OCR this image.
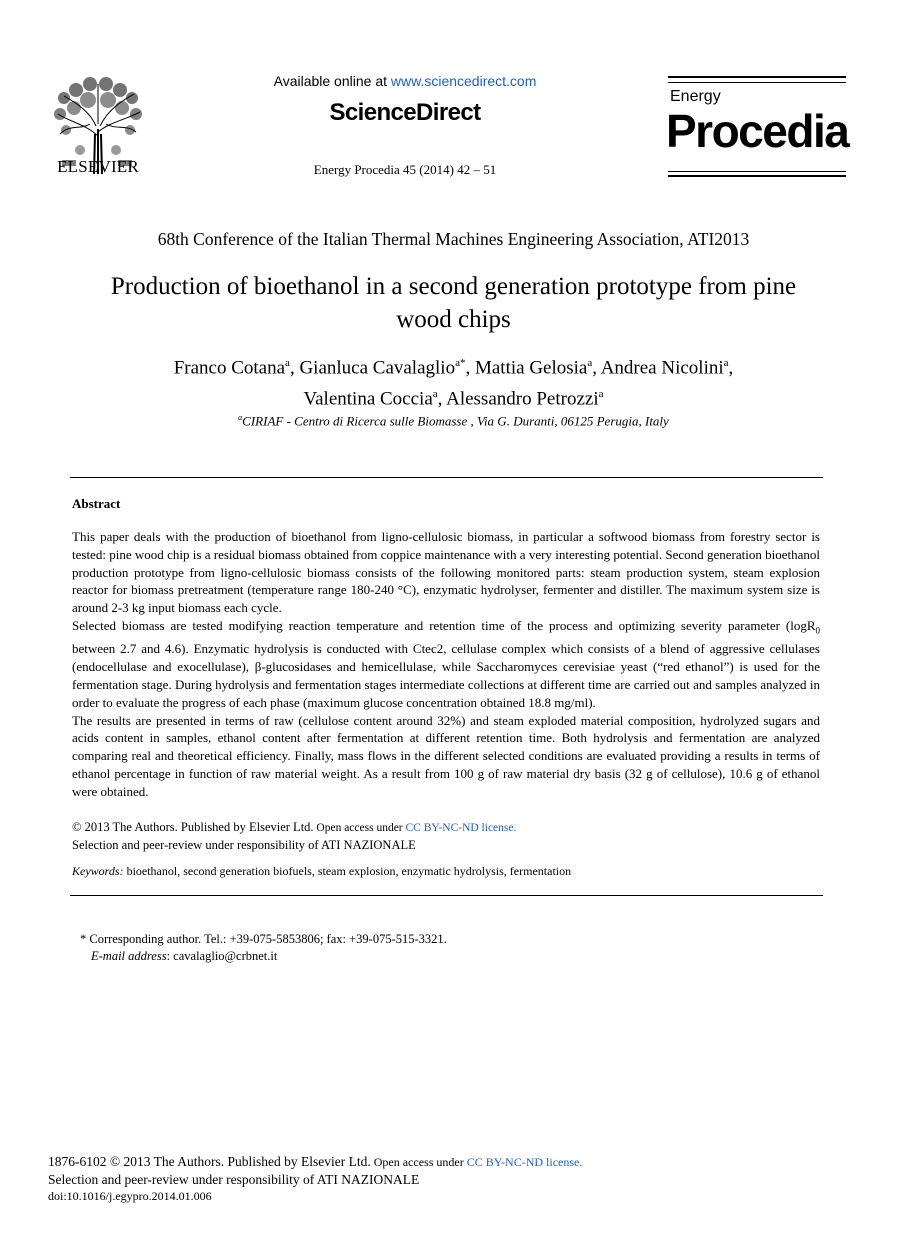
ELSEVIER
Available online at www.sciencedirect.com
ScienceDirect
Energy Procedia 45 (2014) 42 – 51
Energy
Procedia
68th Conference of the Italian Thermal Machines Engineering Association, ATI2013
Production of bioethanol in a second generation prototype from pine
wood chips
Franco Cotana$^a$, Gianluca Cavalaglio$^{a*}$, Mattia Gelosia$^a$, Andrea Nicolini$^a$,
Valentina Coccia$^a$, Alessandro Petrozzi$^a$
$^a$CIRIAF - Centro di Ricerca sulle Biomasse , Via G. Duranti, 06125 Perugia, Italy
Abstract

This paper deals with the production of bioethanol from ligno-cellulosic biomass, in particular a softwood biomass from forestry sector is tested: pine wood chip is a residual biomass obtained from coppice maintenance with a very interesting potential. Second generation bioethanol production prototype from ligno-cellulosic biomass consists of the following monitored parts: steam production system, steam explosion reactor for biomass pretreatment (temperature range 180-240 °C), enzymatic hydrolyser, fermenter and distiller. The maximum system size is around 2-3 kg input biomass each cycle.

Selected biomass are tested modifying reaction temperature and retention time of the process and optimizing severity parameter (logR$_0$ between 2.7 and 4.6). Enzymatic hydrolysis is conducted with Ctec2, cellulase complex which consists of a blend of aggressive cellulases (endocellulase and exocellulase), β-glucosidases and hemicellulase, while Saccharomyces cerevisiae yeast (“red ethanol”) is used for the fermentation stage. During hydrolysis and fermentation stages intermediate collections at different time are carried out and samples analyzed in order to evaluate the progress of each phase (maximum glucose concentration obtained 18.8 mg/ml).

The results are presented in terms of raw (cellulose content around 32%) and steam exploded material composition, hydrolyzed sugars and acids content in samples, ethanol content after fermentation at different retention time. Both hydrolysis and fermentation are analyzed comparing real and theoretical efficiency. Finally, mass flows in the different selected conditions are evaluated providing a results in terms of ethanol percentage in function of raw material weight. As a result from 100 g of raw material dry basis (32 g of cellulose), 10.6 g of ethanol were obtained.

© 2013 The Authors. Published by Elsevier Ltd. Open access under CC BY-NC-ND license.
Selection and peer-review under responsibility of ATI NAZIONALE
Keywords: bioethanol, second generation biofuels, steam explosion, enzymatic hydrolysis, fermentation
* Corresponding author. Tel.: +39-075-5853806; fax: +39-075-515-3321.
E-mail address: cavalaglio@crbnet.it
1876-6102 © 2013 The Authors. Published by Elsevier Ltd. Open access under CC BY-NC-ND license.
Selection and peer-review under responsibility of ATI NAZIONALE
doi:10.1016/j.egypro.2014.01.006
